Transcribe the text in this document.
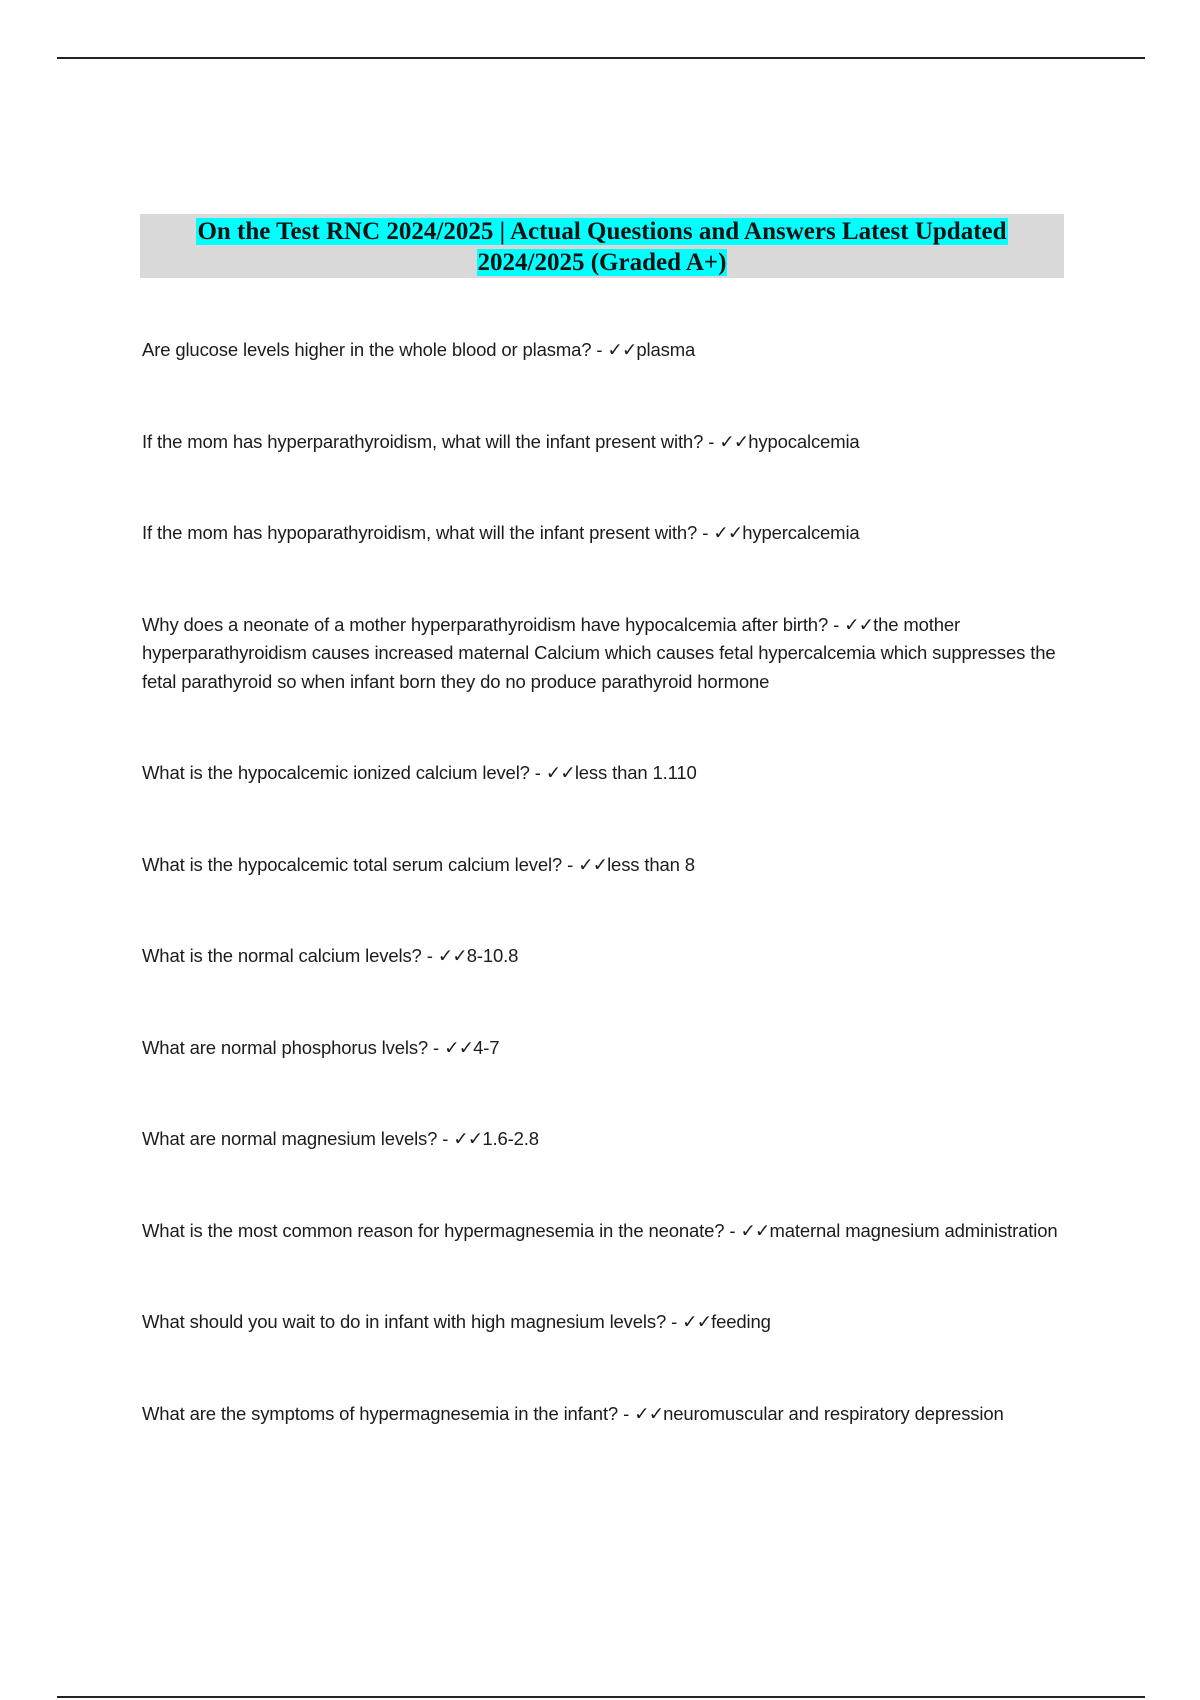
On the Test RNC 2024/2025 | Actual Questions and Answers Latest Updated
2024/2025 (Graded A+)
Are glucose levels higher in the whole blood or plasma? - ✓✓plasma
If the mom has hyperparathyroidism, what will the infant present with? - ✓✓hypocalcemia
If the mom has hypoparathyroidism, what will the infant present with? - ✓✓hypercalcemia
Why does a neonate of a mother hyperparathyroidism have hypocalcemia after birth? - ✓✓the mother hyperparathyroidism causes increased maternal Calcium which causes fetal hypercalcemia which suppresses the fetal parathyroid so when infant born they do no produce parathyroid hormone
What is the hypocalcemic ionized calcium level? - ✓✓less than 1.110
What is the hypocalcemic total serum calcium level? - ✓✓less than 8
What is the normal calcium levels? - ✓✓8-10.8
What are normal phosphorus lvels? - ✓✓4-7
What are normal magnesium levels? - ✓✓1.6-2.8
What is the most common reason for hypermagnesemia in the neonate? - ✓✓maternal magnesium administration
What should you wait to do in infant with high magnesium levels? - ✓✓feeding
What are the symptoms of hypermagnesemia in the infant? - ✓✓neuromuscular and respiratory depression
